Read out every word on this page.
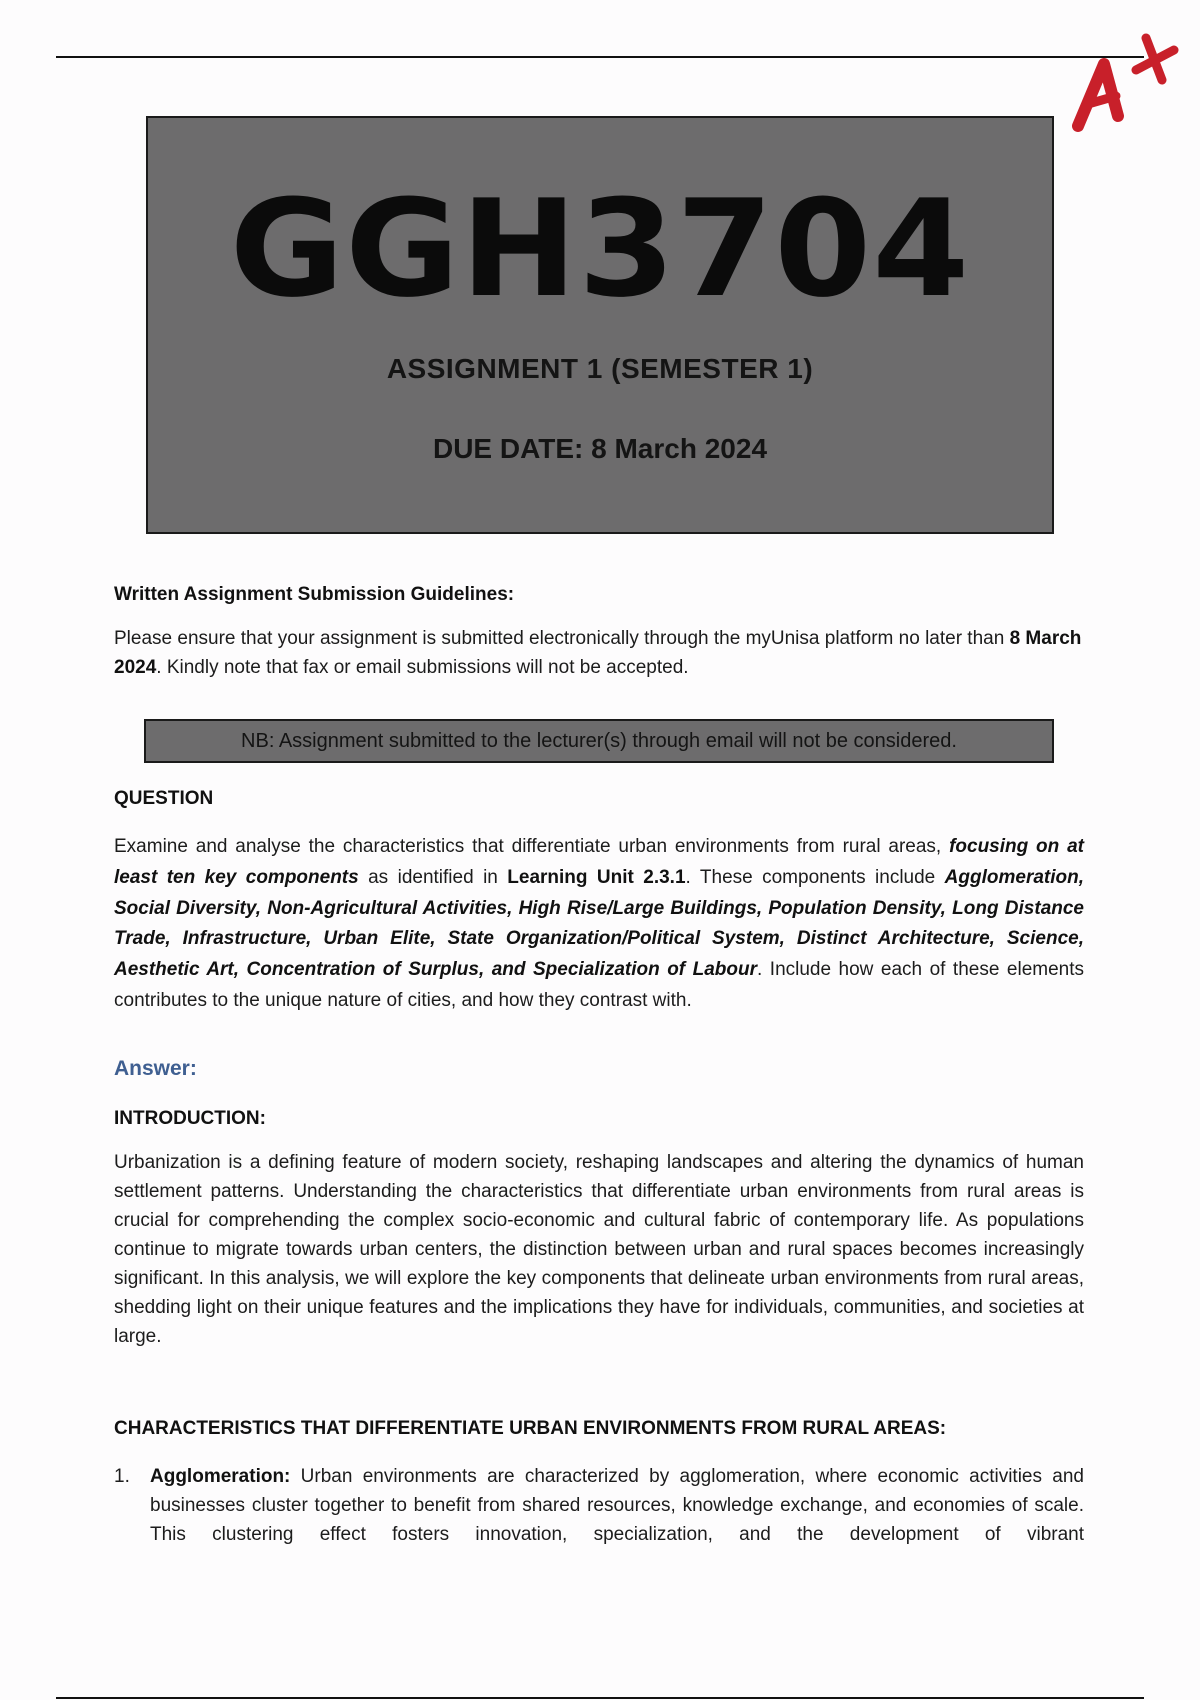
A+
GGH3704
ASSIGNMENT 1 (SEMESTER 1)
DUE DATE: 8 March 2024
Written Assignment Submission Guidelines:
Please ensure that your assignment is submitted electronically through the myUnisa platform no later than 8 March 2024. Kindly note that fax or email submissions will not be accepted.
NB: Assignment submitted to the lecturer(s) through email will not be considered.
QUESTION
Examine and analyse the characteristics that differentiate urban environments from rural areas, focusing on at least ten key components as identified in Learning Unit 2.3.1. These components include Agglomeration, Social Diversity, Non-Agricultural Activities, High Rise/Large Buildings, Population Density, Long Distance Trade, Infrastructure, Urban Elite, State Organization/Political System, Distinct Architecture, Science, Aesthetic Art, Concentration of Surplus, and Specialization of Labour. Include how each of these elements contributes to the unique nature of cities, and how they contrast with.
Answer:
INTRODUCTION:
Urbanization is a defining feature of modern society, reshaping landscapes and altering the dynamics of human settlement patterns. Understanding the characteristics that differentiate urban environments from rural areas is crucial for comprehending the complex socio-economic and cultural fabric of contemporary life. As populations continue to migrate towards urban centers, the distinction between urban and rural spaces becomes increasingly significant. In this analysis, we will explore the key components that delineate urban environments from rural areas, shedding light on their unique features and the implications they have for individuals, communities, and societies at large.
CHARACTERISTICS THAT DIFFERENTIATE URBAN ENVIRONMENTS FROM RURAL AREAS:
1. Agglomeration: Urban environments are characterized by agglomeration, where economic activities and businesses cluster together to benefit from shared resources, knowledge exchange, and economies of scale. This clustering effect fosters innovation, specialization, and the development of vibrant
